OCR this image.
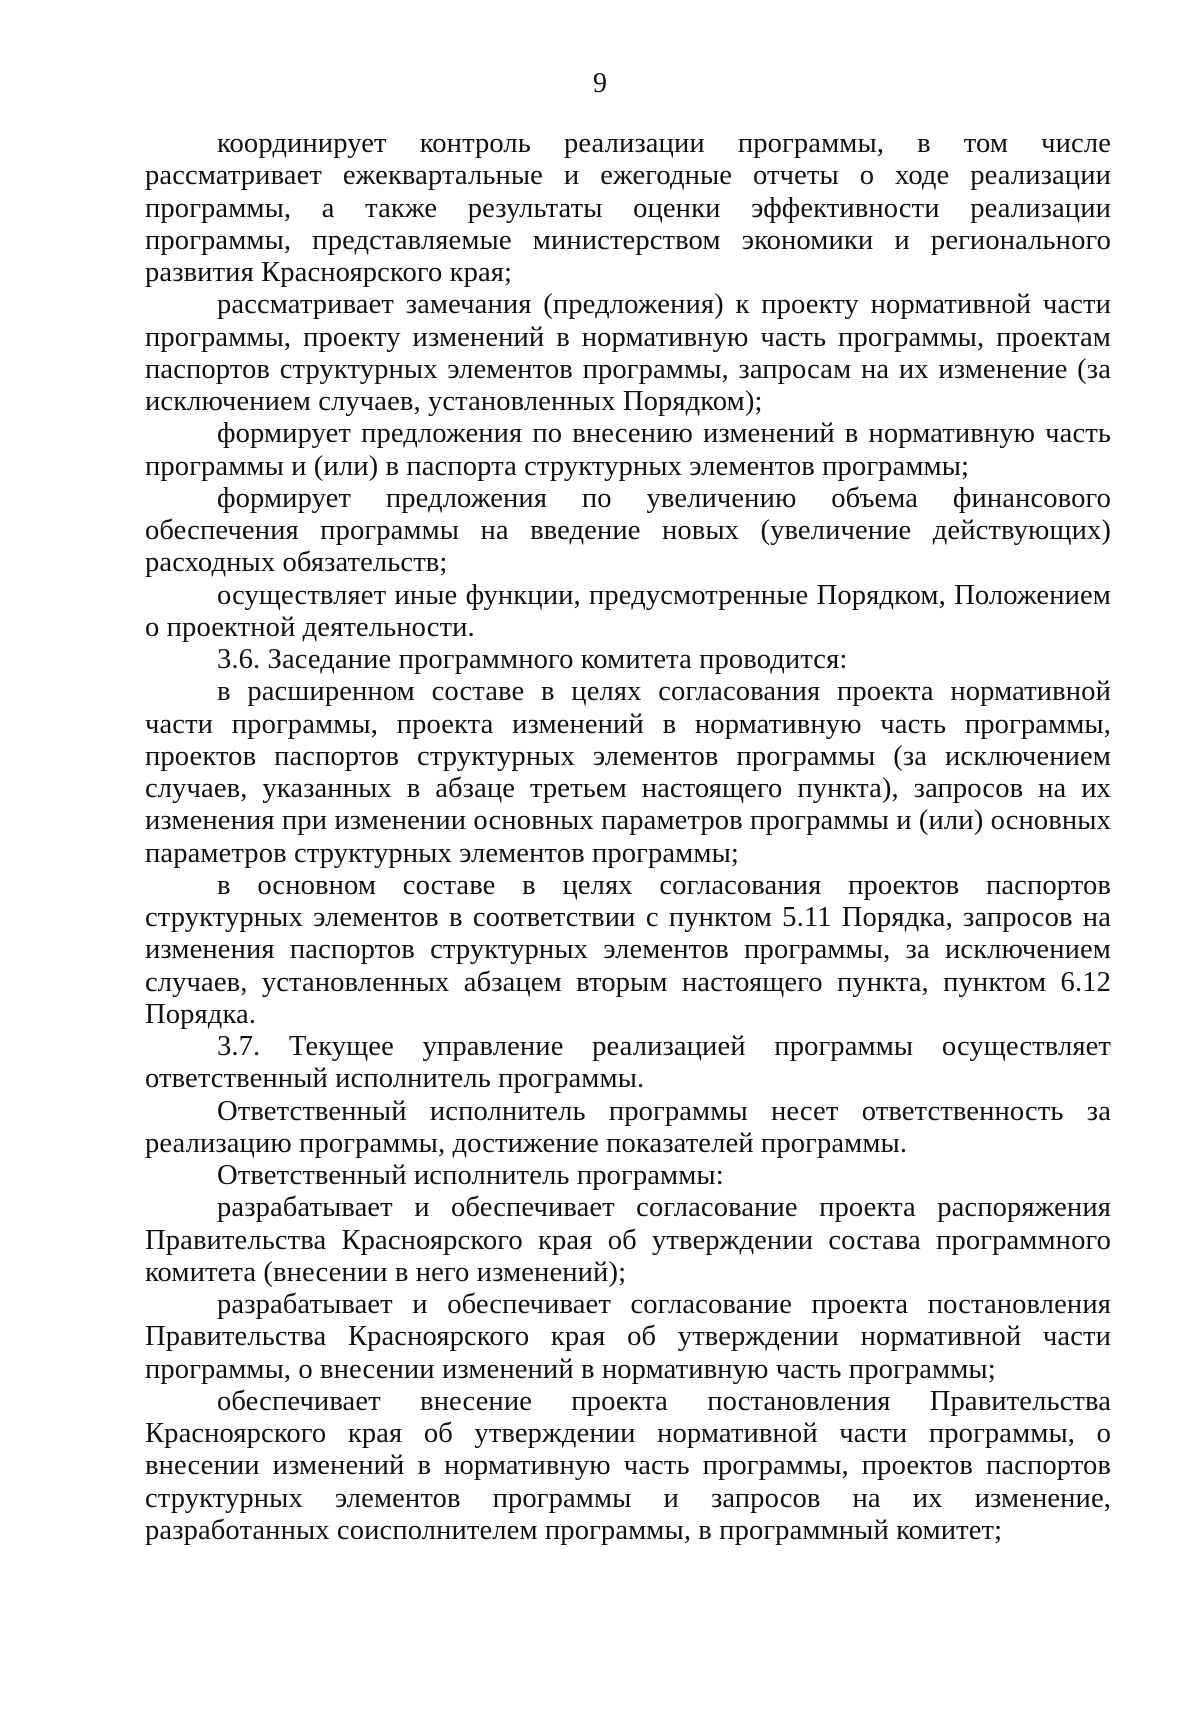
9

координирует контроль реализации программы, в том числе рассматривает ежеквартальные и ежегодные отчеты о ходе реализации программы, а также результаты оценки эффективности реализации программы, представляемые министерством экономики и регионального развития Красноярского края;

рассматривает замечания (предложения) к проекту нормативной части программы, проекту изменений в нормативную часть программы, проектам паспортов структурных элементов программы, запросам на их изменение (за исключением случаев, установленных Порядком);

формирует предложения по внесению изменений в нормативную часть программы и (или) в паспорта структурных элементов программы;

формирует предложения по увеличению объема финансового обеспечения программы на введение новых (увеличение действующих) расходных обязательств;

осуществляет иные функции, предусмотренные Порядком, Положением о проектной деятельности.

3.6. Заседание программного комитета проводится:

в расширенном составе в целях согласования проекта нормативной части программы, проекта изменений в нормативную часть программы, проектов паспортов структурных элементов программы (за исключением случаев, указанных в абзаце третьем настоящего пункта), запросов на их изменения при изменении основных параметров программы и (или) основных параметров структурных элементов программы;

в основном составе в целях согласования проектов паспортов структурных элементов в соответствии с пунктом 5.11 Порядка, запросов на изменения паспортов структурных элементов программы, за исключением случаев, установленных абзацем вторым настоящего пункта, пунктом 6.12 Порядка.

3.7. Текущее управление реализацией программы осуществляет ответственный исполнитель программы.

Ответственный исполнитель программы несет ответственность за реализацию программы, достижение показателей программы.

Ответственный исполнитель программы:

разрабатывает и обеспечивает согласование проекта распоряжения Правительства Красноярского края об утверждении состава программного комитета (внесении в него изменений);

разрабатывает и обеспечивает согласование проекта постановления Правительства Красноярского края об утверждении нормативной части программы, о внесении изменений в нормативную часть программы;

обеспечивает внесение проекта постановления Правительства Красноярского края об утверждении нормативной части программы, о внесении изменений в нормативную часть программы, проектов паспортов структурных элементов программы и запросов на их изменение, разработанных соисполнителем программы, в программный комитет;
